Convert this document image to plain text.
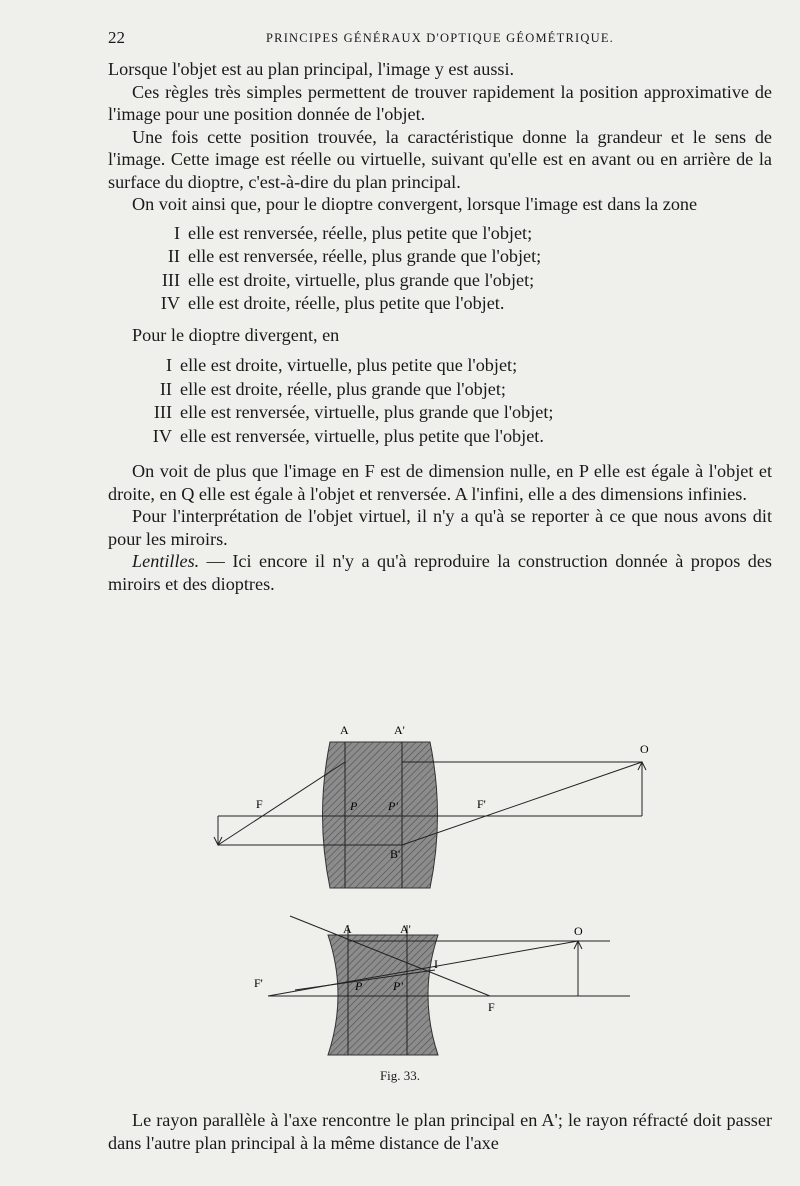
22	PRINCIPES GÉNÉRAUX D'OPTIQUE GÉOMÉTRIQUE.

Lorsque l'objet est au plan principal, l'image y est aussi.

Ces règles très simples permettent de trouver rapidement la position approximative de l'image pour une position donnée de l'objet.

Une fois cette position trouvée, la caractéristique donne la grandeur et le sens de l'image. Cette image est réelle ou virtuelle, suivant qu'elle est en avant ou en arrière de la surface du dioptre, c'est-à-dire du plan principal.

On voit ainsi que, pour le dioptre convergent, lorsque l'image est dans la zone

I elle est renversée, réelle, plus petite que l'objet;
II elle est renversée, réelle, plus grande que l'objet;
III elle est droite, virtuelle, plus grande que l'objet;
IV elle est droite, réelle, plus petite que l'objet.

Pour le dioptre divergent, en

I elle est droite, virtuelle, plus petite que l'objet;
II elle est droite, réelle, plus grande que l'objet;
III elle est renversée, virtuelle, plus grande que l'objet;
IV elle est renversée, virtuelle, plus petite que l'objet.

On voit de plus que l'image en F est de dimension nulle, en P elle est égale à l'objet et droite, en Q elle est égale à l'objet et renversée. A l'infini, elle a des dimensions infinies.

Pour l'interprétation de l'objet virtuel, il n'y a qu'à se reporter à ce que nous avons dit pour les miroirs.

Lentilles. — Ici encore il n'y a qu'à reproduire la construction donnée à propos des miroirs et des dioptres.

A	A'
O
F	F'
P	P'
B'
A	A'	O
I
F'
F
P	P'
Fig. 33.

Le rayon parallèle à l'axe rencontre le plan principal en A'; le rayon réfracté doit passer dans l'autre plan principal à la même distance de l'axe
